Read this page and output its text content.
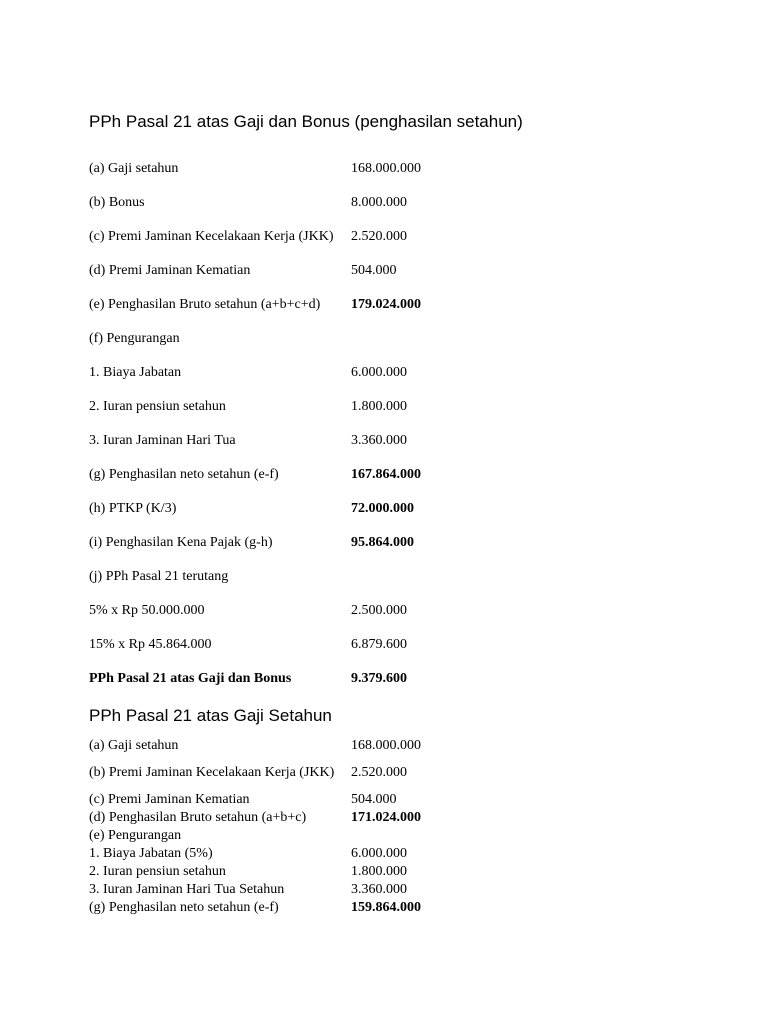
PPh Pasal 21 atas Gaji dan Bonus (penghasilan setahun)
(a) Gaji setahun	168.000.000
(b) Bonus	8.000.000
(c) Premi Jaminan Kecelakaan Kerja (JKK)	2.520.000
(d) Premi Jaminan Kematian	504.000
(e) Penghasilan Bruto setahun (a+b+c+d)	179.024.000
(f) Pengurangan
1. Biaya Jabatan	6.000.000
2. Iuran pensiun setahun	1.800.000
3. Iuran Jaminan Hari Tua	3.360.000
(g) Penghasilan neto setahun (e-f)	167.864.000
(h) PTKP (K/3)	72.000.000
(i) Penghasilan Kena Pajak (g-h)	95.864.000
(j) PPh Pasal 21 terutang
5% x Rp 50.000.000	2.500.000
15% x Rp 45.864.000	6.879.600
PPh Pasal 21 atas Gaji dan Bonus	9.379.600
PPh Pasal 21 atas Gaji Setahun
(a) Gaji setahun	168.000.000
(b) Premi Jaminan Kecelakaan Kerja (JKK)	2.520.000
(c) Premi Jaminan Kematian	504.000
(d) Penghasilan Bruto setahun (a+b+c)	171.024.000
(e) Pengurangan
1. Biaya Jabatan (5%)	6.000.000
2. Iuran pensiun setahun	1.800.000
3. Iuran Jaminan Hari Tua Setahun	3.360.000
(g) Penghasilan neto setahun (e-f)	159.864.000
